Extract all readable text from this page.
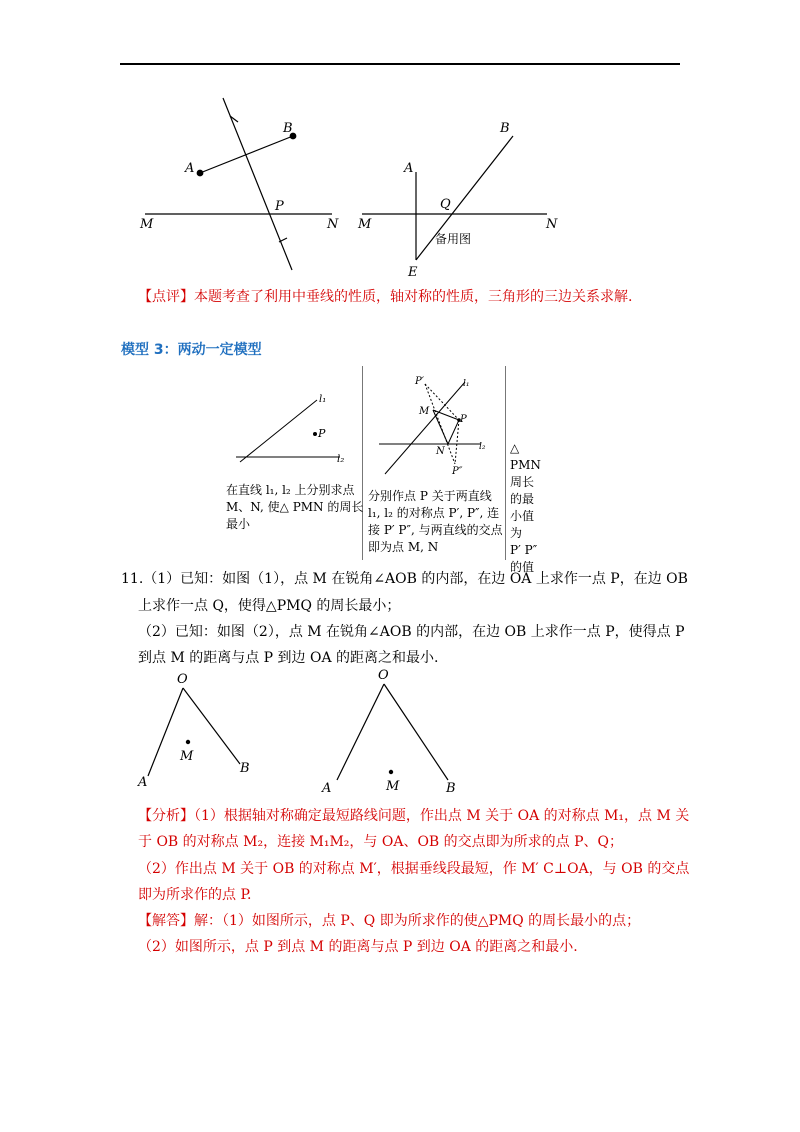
A
B
P
M	N
A
B
Q
M	N
E
备用图
【点评】本题考查了利用中垂线的性质，轴对称的性质，三角形的三边关系求解.
模型 3：两动一定模型
l₁
l₂
P
在直线 l₁, l₂ 上分别求点
M、N, 使△ PMN 的周长
最小
P′	l₁
M
P
N	l₂
P″
分别作点 P 关于两直线
l₁, l₂ 的对称点 P′, P″, 连
接 P′ P″, 与两直线的交点
即为点 M, N
△ PMN 周长
的最小值为
P′ P″的值
11.（1）已知：如图（1），点 M 在锐角∠AOB 的内部，在边 OA 上求作一点 P，在边 OB
上求作一点 Q，使得△PMQ 的周长最小；
（2）已知：如图（2），点 M 在锐角∠AOB 的内部，在边 OB 上求作一点 P，使得点 P
到点 M 的距离与点 P 到边 OA 的距离之和最小.
O
M
A
B
O
M
A	B
【分析】（1）根据轴对称确定最短路线问题，作出点 M 关于 OA 的对称点 M₁，点 M 关
于 OB 的对称点 M₂，连接 M₁M₂，与 OA、OB 的交点即为所求的点 P、Q；
（2）作出点 M 关于 OB 的对称点 M′，根据垂线段最短，作 M′ C⊥OA，与 OB 的交点
即为所求作的点 P.
【解答】解：（1）如图所示，点 P、Q 即为所求作的使△PMQ 的周长最小的点；
（2）如图所示，点 P 到点 M 的距离与点 P 到边 OA 的距离之和最小.
